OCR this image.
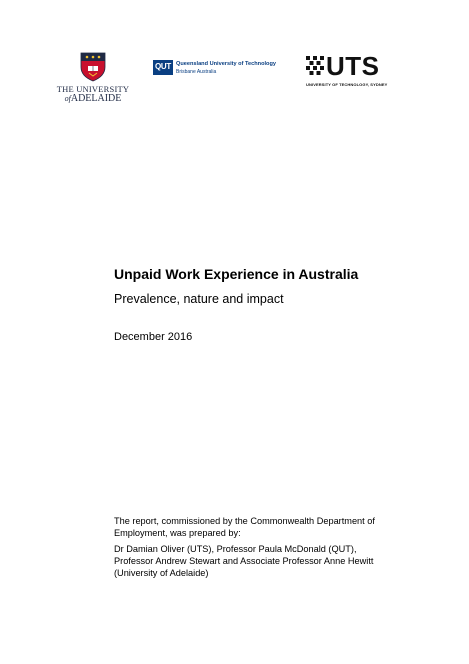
THE UNIVERSITY
ofADELAIDE
QUT Queensland University of Technology
Brisbane Australia	UTS
UNIVERSITY OF TECHNOLOGY, SYDNEY
Unpaid Work Experience in Australia
Prevalence, nature and impact
December 2016

The report, commissioned by the Commonwealth Department of

Employment, was prepared by:

Dr Damian Oliver (UTS), Professor Paula McDonald (QUT),

Professor Andrew Stewart and Associate Professor Anne Hewitt

(University of Adelaide)
